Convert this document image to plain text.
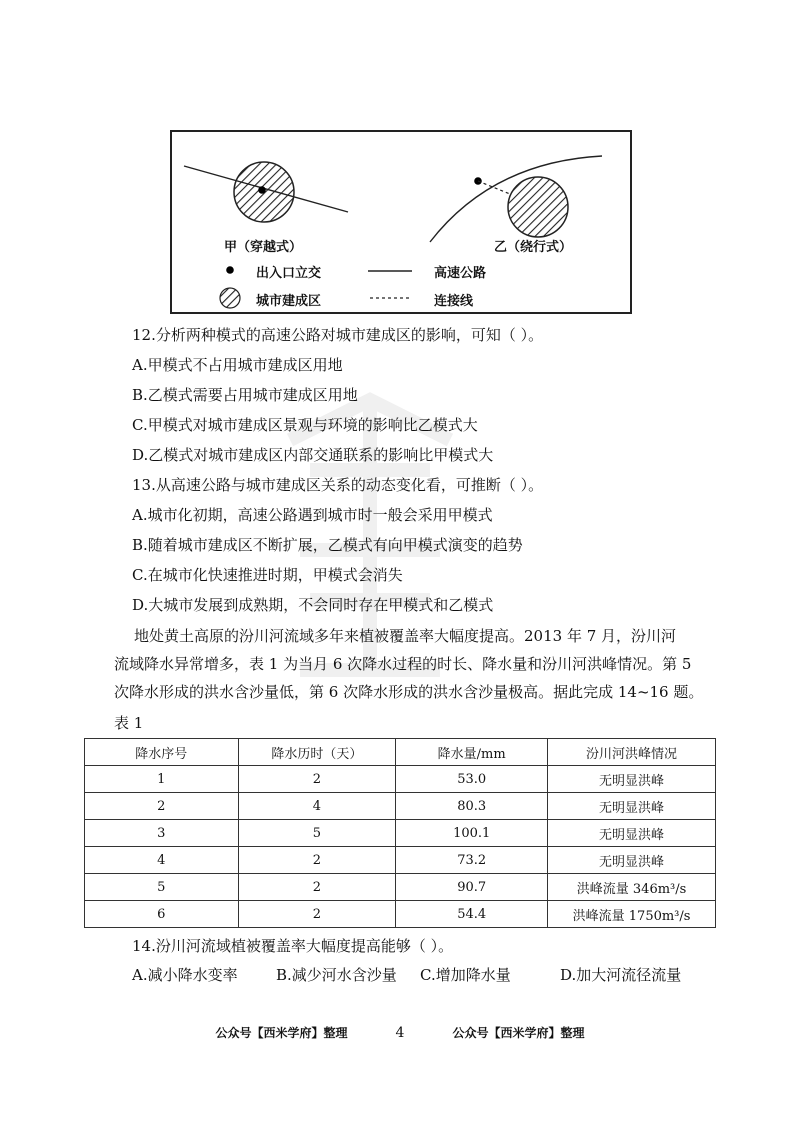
甲（穿越式）	乙（绕行式）
出入口立交	高速公路
城市建成区	连接线
12.分析两种模式的高速公路对城市建成区的影响，可知（ ）。
A.甲模式不占用城市建成区用地
B.乙模式需要占用城市建成区用地
C.甲模式对城市建成区景观与环境的影响比乙模式大
D.乙模式对城市建成区内部交通联系的影响比甲模式大
13.从高速公路与城市建成区关系的动态变化看，可推断（ ）。
A.城市化初期，高速公路遇到城市时一般会采用甲模式
B.随着城市建成区不断扩展，乙模式有向甲模式演变的趋势
C.在城市化快速推进时期，甲模式会消失
D.大城市发展到成熟期，不会同时存在甲模式和乙模式
地处黄土高原的汾川河流域多年来植被覆盖率大幅度提高。2013 年 7 月，汾川河
流域降水异常增多，表 1 为当月 6 次降水过程的时长、降水量和汾川河洪峰情况。第 5
次降水形成的洪水含沙量低，第 6 次降水形成的洪水含沙量极高。据此完成 14~16 题。
表 1
降水序号	降水历时（天）	降水量/mm	汾川河洪峰情况
1	2	53.0	无明显洪峰
2	4	80.3	无明显洪峰
3	5	100.1	无明显洪峰
4	2	73.2	无明显洪峰
5	2	90.7	洪峰流量 346m³/s
6	2	54.4	洪峰流量 1750m³/s
14.汾川河流域植被覆盖率大幅度提高能够（ ）。
A.减小降水变率	B.减少河水含沙量 C.增加降水量	D.加大河流径流量
公众号【西米学府】整理	4	公众号【西米学府】整理
